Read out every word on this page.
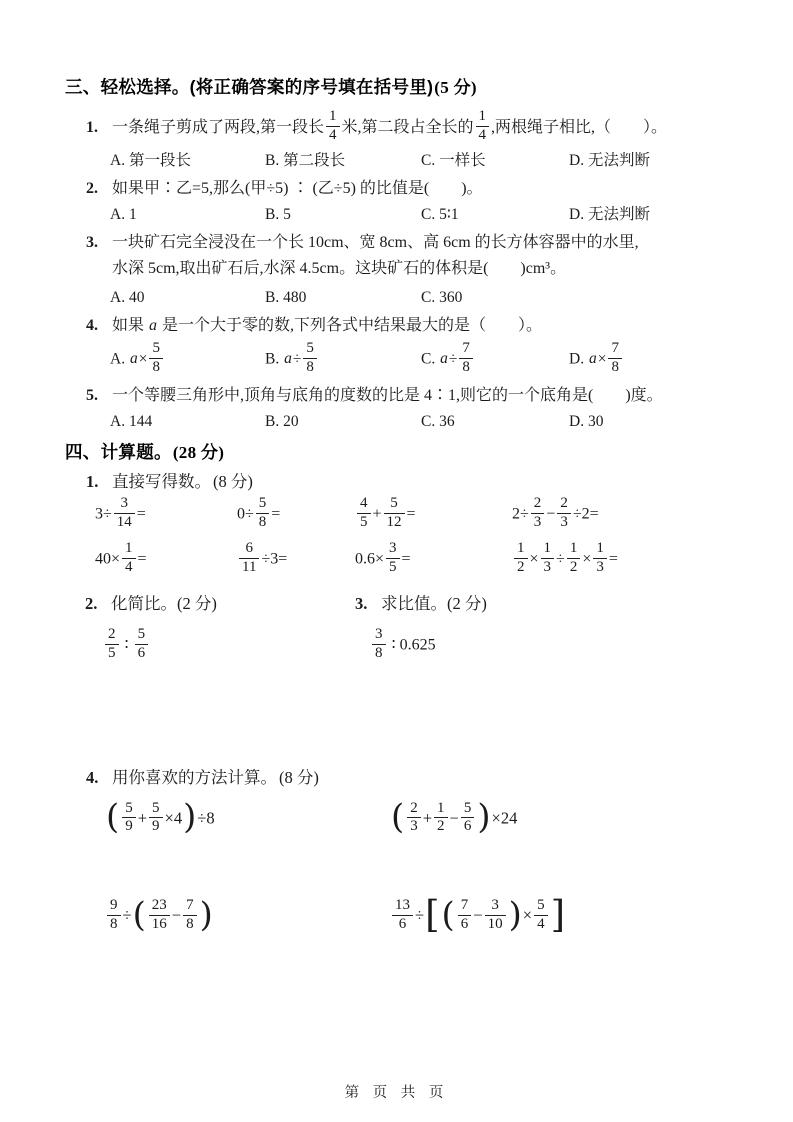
三、轻松选择。(将正确答案的序号填在括号里)(5 分)
1. 一条绳子剪成了两段,第一段长 $\frac{1}{4}$ 米,第二段占全长的 $\frac{1}{4}$ ,两根绳子相比,（　　）。
A. 第一段长	B. 第二段长	C. 一样长	D. 无法判断
2. 如果甲∶乙=5,那么(甲÷5) ∶ (乙÷5) 的比值是(　　)。
A. 1	B. 5	C. 5∶1	D. 无法判断
3. 一块矿石完全浸没在一个长 10cm、宽 8cm、高 6cm 的长方体容器中的水里,
水深 5cm,取出矿石后,水深 4.5cm。这块矿石的体积是(　　)cm³。
A. 40	B. 480	C. 360
4. 如果 a 是一个大于零的数,下列各式中结果最大的是（　　）。
A. $a\times \frac{5}{8}$	B. $a\div \frac{5}{8}$	C. $a\div \frac{7}{8}$	D. $a\times \frac{7}{8}$
5. 一个等腰三角形中,顶角与底角的度数的比是 4∶1,则它的一个底角是(　　)度。
A. 144	B. 20	C. 36	D. 30
四、计算题。(28 分)
1. 直接写得数。 (8 分)
$3\div \frac{3}{14}$ =	$0\div \frac{5}{8}$ =	$\frac{4}{5} + \frac{5}{12}$ =	$2\div \frac{2}{3} - \frac{2}{3} \div 2=$
$40\times \frac{1}{4}$ =	$\frac{6}{11} \div 3=$	$0.6\times \frac{3}{5}$ =	$\frac{1}{2} \times \frac{1}{3} \div \frac{1}{2} \times \frac{1}{3}$ =
2. 化简比。(2 分)
$\frac{2}{5}$ ∶ $\frac{5}{6}$
3. 求比值。(2 分)
$\frac{3}{8}$ ∶ 0.625
4. 用你喜欢的方法计算。 (8 分)
( $\frac{5}{9} + \frac{5}{9} \times 4)\div 8$	( $\frac{2}{3} + \frac{1}{2} - \frac{5}{6} )\times 24$
$\frac{9}{8}$ ÷( $\frac{23}{16} - \frac{7}{8}$ )	$\frac{13}{6}$ ÷[( $\frac{7}{6} - \frac{3}{10}$ )× $\frac{5}{4}$ ]
第 页 共 页
